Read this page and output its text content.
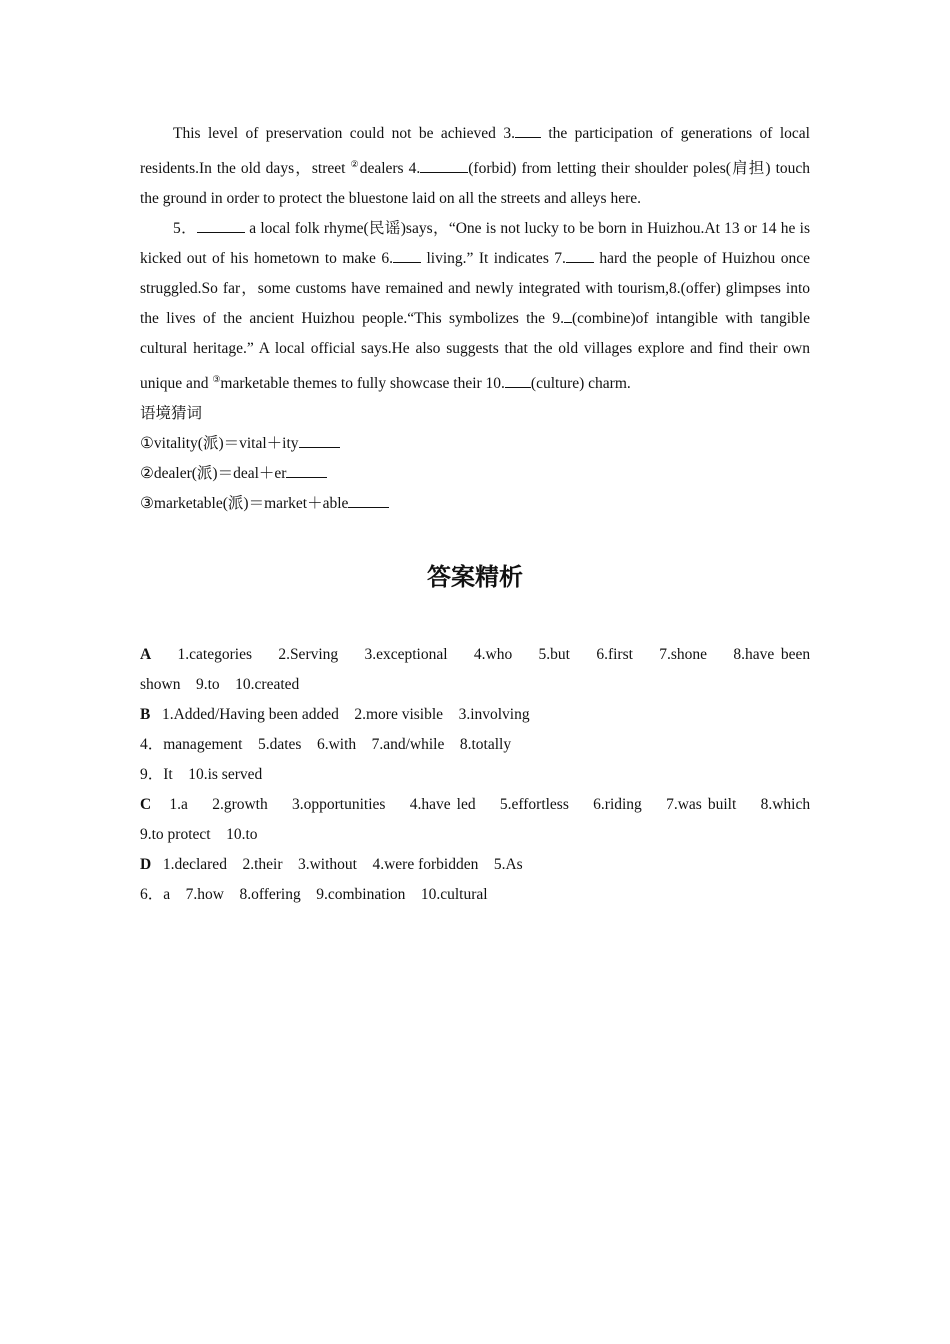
This level of preservation could not be achieved 3. the participation of generations of local residents.In the old days，street ②dealers 4.	(forbid) from letting their shoulder poles(肩担) touch the ground in order to protect the bluestone laid on all the streets and alleys here.

5．	a local folk rhyme(民谣)says，“One is not lucky to be born in Huizhou.At 13 or 14 he is kicked out of his hometown to make 6. living.” It indicates 7. hard the people of Huizhou once struggled.So far，some customs have remained and newly integrated with tourism,8.(offer) glimpses into the lives of the ancient Huizhou people.“This symbolizes the 9. (combine)of intangible with tangible cultural heritage.” A local official says.He also suggests that the old villages explore and find their own unique and ③marketable themes to fully showcase their 10. (culture) charm.

语境猜词

①vitality(派)＝vital＋ity

②dealer(派)＝deal＋er

③marketable(派)＝market＋able

答案精析

A 1.categories 2.Serving 3.exceptional 4.who 5.but 6.first 7.shone 8.have been

shown 9.to 10.created

B 1.Added/Having been added 2.more visible 3.involving

4．management 5.dates 6.with 7.and/while 8.totally

9．It 10.is served

C 1.a 2.growth 3.opportunities 4.have led 5.effortless 6.riding 7.was built 8.which

9.to protect 10.to

D 1.declared 2.their 3.without 4.were forbidden 5.As

6．a 7.how 8.offering 9.combination 10.cultural
